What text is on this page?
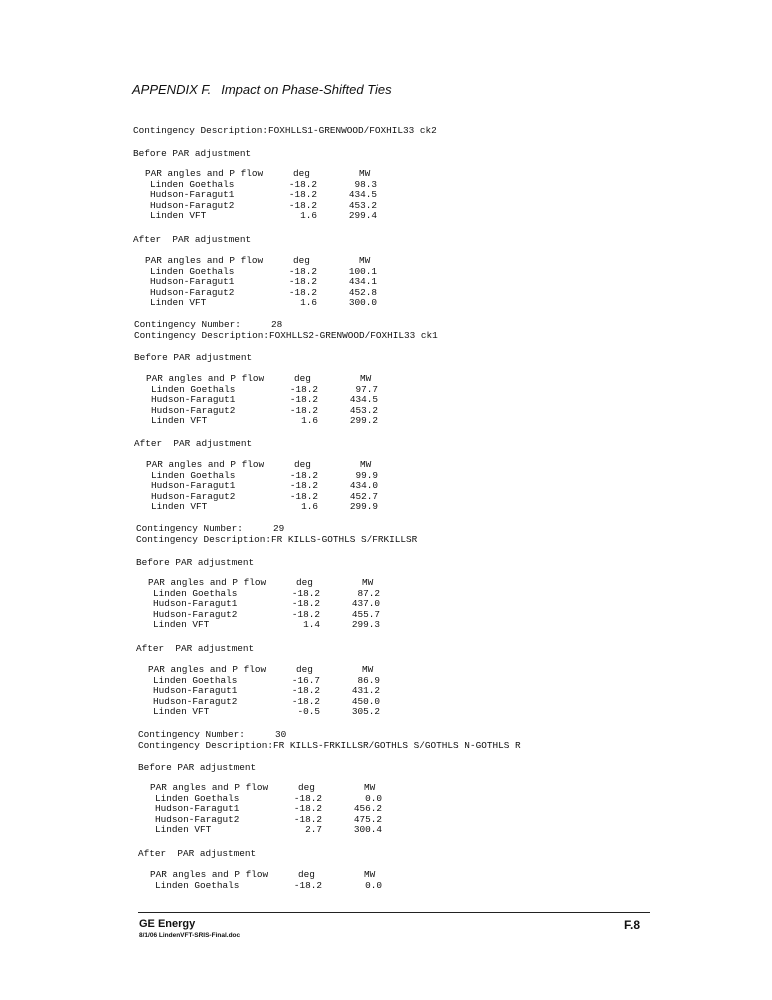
APPENDIX F. Impact on Phase-Shifted Ties
Contingency Description:FOXHLLS1-GRENWOOD/FOXHIL33 ck2
Before PAR adjustment
PAR angles and P flow	deg	MW
Linden Goethals	-18.2	98.3
Hudson-Faragut1	-18.2	434.5
Hudson-Faragut2	-18.2	453.2
Linden VFT	1.6	299.4
After  PAR adjustment
PAR angles and P flow	deg	MW
Linden Goethals	-18.2	100.1
Hudson-Faragut1	-18.2	434.1
Hudson-Faragut2	-18.2	452.8
Linden VFT	1.6	300.0
Contingency Number:	28
Contingency Description:FOXHLLS2-GRENWOOD/FOXHIL33 ck1
Before PAR adjustment
PAR angles and P flow	deg	MW
Linden Goethals	-18.2	97.7
Hudson-Faragut1	-18.2	434.5
Hudson-Faragut2	-18.2	453.2
Linden VFT	1.6	299.2
After  PAR adjustment
PAR angles and P flow	deg	MW
Linden Goethals	-18.2	99.9
Hudson-Faragut1	-18.2	434.0
Hudson-Faragut2	-18.2	452.7
Linden VFT	1.6	299.9
Contingency Number:	29
Contingency Description:FR KILLS-GOTHLS S/FRKILLSR
Before PAR adjustment
PAR angles and P flow	deg	MW
Linden Goethals	-18.2	87.2
Hudson-Faragut1	-18.2	437.0
Hudson-Faragut2	-18.2	455.7
Linden VFT	1.4	299.3
After  PAR adjustment
PAR angles and P flow	deg	MW
Linden Goethals	-16.7	86.9
Hudson-Faragut1	-18.2	431.2
Hudson-Faragut2	-18.2	450.0
Linden VFT	-0.5	305.2
Contingency Number:	30
Contingency Description:FR KILLS-FRKILLSR/GOTHLS S/GOTHLS N-GOTHLS R
Before PAR adjustment
PAR angles and P flow	deg	MW
Linden Goethals	-18.2	0.0
Hudson-Faragut1	-18.2	456.2
Hudson-Faragut2	-18.2	475.2
Linden VFT	2.7	300.4
After  PAR adjustment
PAR angles and P flow	deg	MW
Linden Goethals	-18.2	0.0
GE Energy
8/1/06 LindenVFT-SRIS-Final.doc
F.8
